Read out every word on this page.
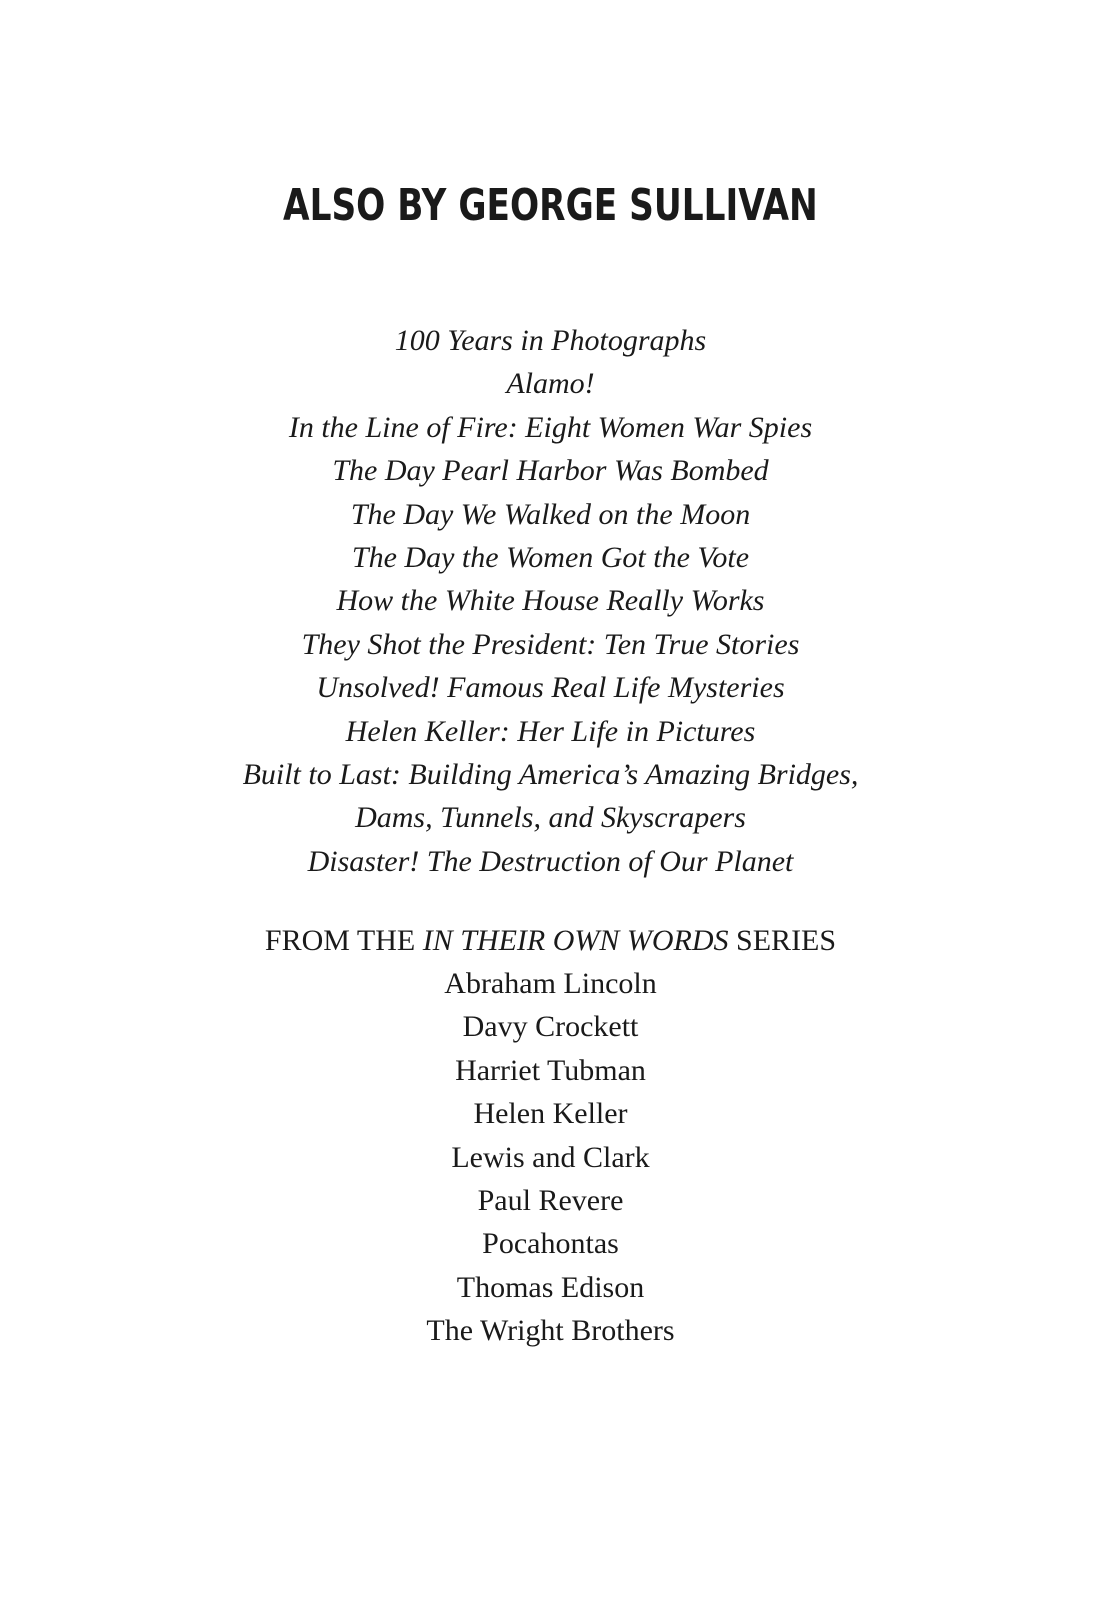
ALSO BY GEORGE SULLIVAN
100 Years in Photographs
Alamo!
In the Line of Fire: Eight Women War Spies
The Day Pearl Harbor Was Bombed
The Day We Walked on the Moon
The Day the Women Got the Vote
How the White House Really Works
They Shot the President: Ten True Stories
Unsolved! Famous Real Life Mysteries
Helen Keller: Her Life in Pictures
Built to Last: Building America’s Amazing Bridges,
Dams, Tunnels, and Skyscrapers
Disaster! The Destruction of Our Planet
FROM THE IN THEIR OWN WORDS SERIES
Abraham Lincoln
Davy Crockett
Harriet Tubman
Helen Keller
Lewis and Clark
Paul Revere
Pocahontas
Thomas Edison
The Wright Brothers
